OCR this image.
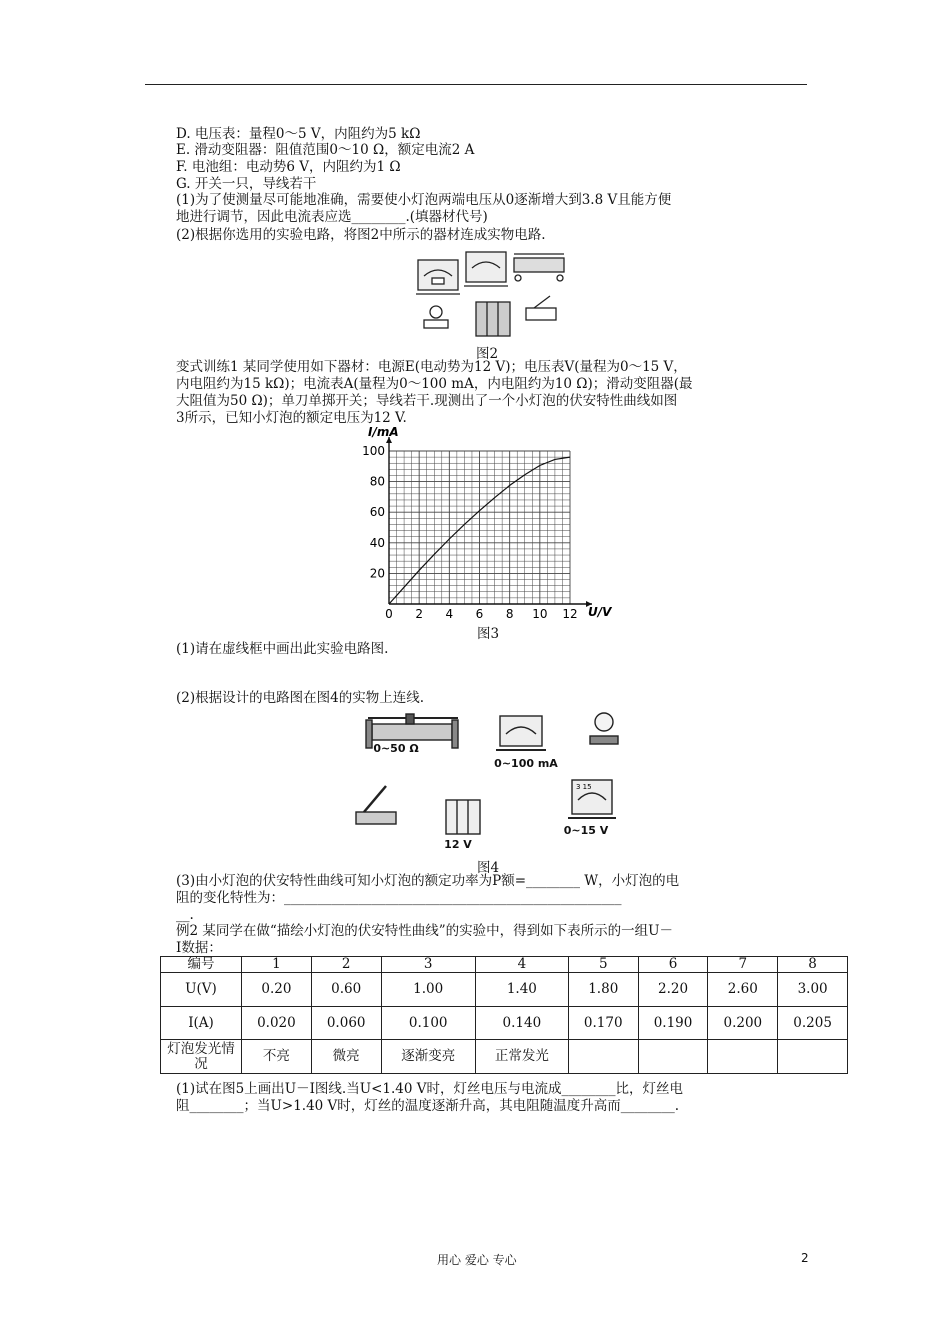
D. 电压表：量程0～5 V，内阻约为5 kΩ
E. 滑动变阻器：阻值范围0～10 Ω，额定电流2 A
F. 电池组：电动势6 V，内阻约为1 Ω
G. 开关一只，导线若干
(1)为了使测量尽可能地准确，需要使小灯泡两端电压从0逐渐增大到3.8 V且能方便
地进行调节，因此电流表应选________.(填器材代号)
(2)根据你选用的实验电路，将图2中所示的器材连成实物电路.
图2
变式训练1 某同学使用如下器材：电源E(电动势为12 V)；电压表V(量程为0～15 V，
内电阻约为15 kΩ)；电流表A(量程为0～100 mA，内电阻约为10 Ω)；滑动变阻器(最
大阻值为50 Ω)；单刀单掷开关；导线若干.现测出了一个小灯泡的伏安特性曲线如图
3所示，已知小灯泡的额定电压为12 V.
0 2 4 6 8 10 12
20
40
60
80
100
I/mA
U/V
图3
(1)请在虚线框中画出此实验电路图.
(2)根据设计的电路图在图4的实物上连线.
3 15
0~50 Ω
0~100 mA
12 V
0~15 V
图4
(3)由小灯泡的伏安特性曲线可知小灯泡的额定功率为P额=________ W，小灯泡的电
阻的变化特性为：__________________________________________________
__.
例2 某同学在做“描绘小灯泡的伏安特性曲线”的实验中，得到如下表所示的一组U－
I数据：
编号	1	2	3	4	5	6	7	8
U(V)	0.20	0.60	1.00	1.40	1.80	2.20	2.60	3.00
I(A)	0.020	0.060	0.100	0.140	0.170	0.190	0.200	0.205
灯泡发光情况	不亮	微亮	逐渐变亮	正常发光				
(1)试在图5上画出U－I图线.当U<1.40 V时，灯丝电压与电流成________比，灯丝电
阻________；当U>1.40 V时，灯丝的温度逐渐升高，其电阻随温度升高而________.
用心 爱心 专心	2
